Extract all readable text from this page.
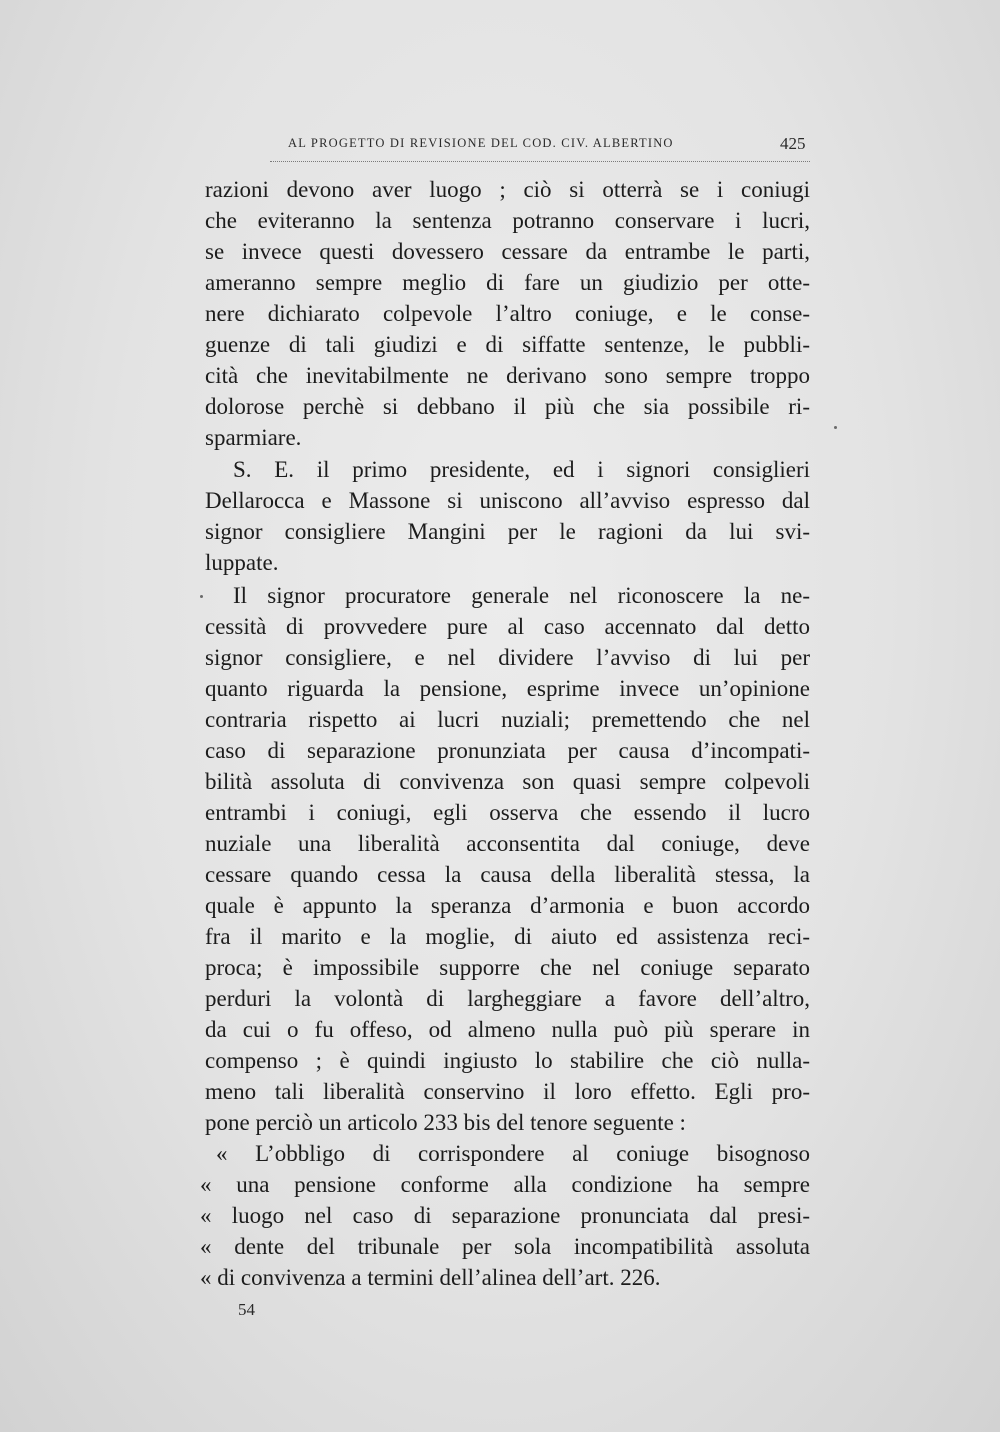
AL PROGETTO DI REVISIONE DEL COD. CIV. ALBERTINO	425
razioni devono aver luogo ; ciò si otterrà se i coniugi
che eviteranno la sentenza potranno conservare i lucri,
se invece questi dovessero cessare da entrambe le parti,
ameranno sempre meglio di fare un giudizio per otte-
nere dichiarato colpevole l’altro coniuge, e le conse-
guenze di tali giudizi e di siffatte sentenze, le pubbli-
cità che inevitabilmente ne derivano sono sempre troppo
dolorose perchè si debbano il più che sia possibile ri-
sparmiare.
S. E. il primo presidente, ed i signori consiglieri
Dellarocca e Massone si uniscono all’avviso espresso dal
signor consigliere Mangini per le ragioni da lui svi-
luppate.
Il signor procuratore generale nel riconoscere la ne-
cessità di provvedere pure al caso accennato dal detto
signor consigliere, e nel dividere l’avviso di lui per
quanto riguarda la pensione, esprime invece un’opinione
contraria rispetto ai lucri nuziali; premettendo che nel
caso di separazione pronunziata per causa d’incompati-
bilità assoluta di convivenza son quasi sempre colpevoli
entrambi i coniugi, egli osserva che essendo il lucro
nuziale una liberalità acconsentita dal coniuge, deve
cessare quando cessa la causa della liberalità stessa, la
quale è appunto la speranza d’armonia e buon accordo
fra il marito e la moglie, di aiuto ed assistenza reci-
proca; è impossibile supporre che nel coniuge separato
perduri la volontà di largheggiare a favore dell’altro,
da cui o fu offeso, od almeno nulla può più sperare in
compenso ; è quindi ingiusto lo stabilire che ciò nulla-
meno tali liberalità conservino il loro effetto. Egli pro-
pone perciò un articolo 233 bis del tenore seguente :
« L’obbligo di corrispondere al coniuge bisognoso
« una pensione conforme alla condizione ha sempre
« luogo nel caso di separazione pronunciata dal presi-
« dente del tribunale per sola incompatibilità assoluta
« di convivenza a termini dell’alinea dell’art. 226.
54
